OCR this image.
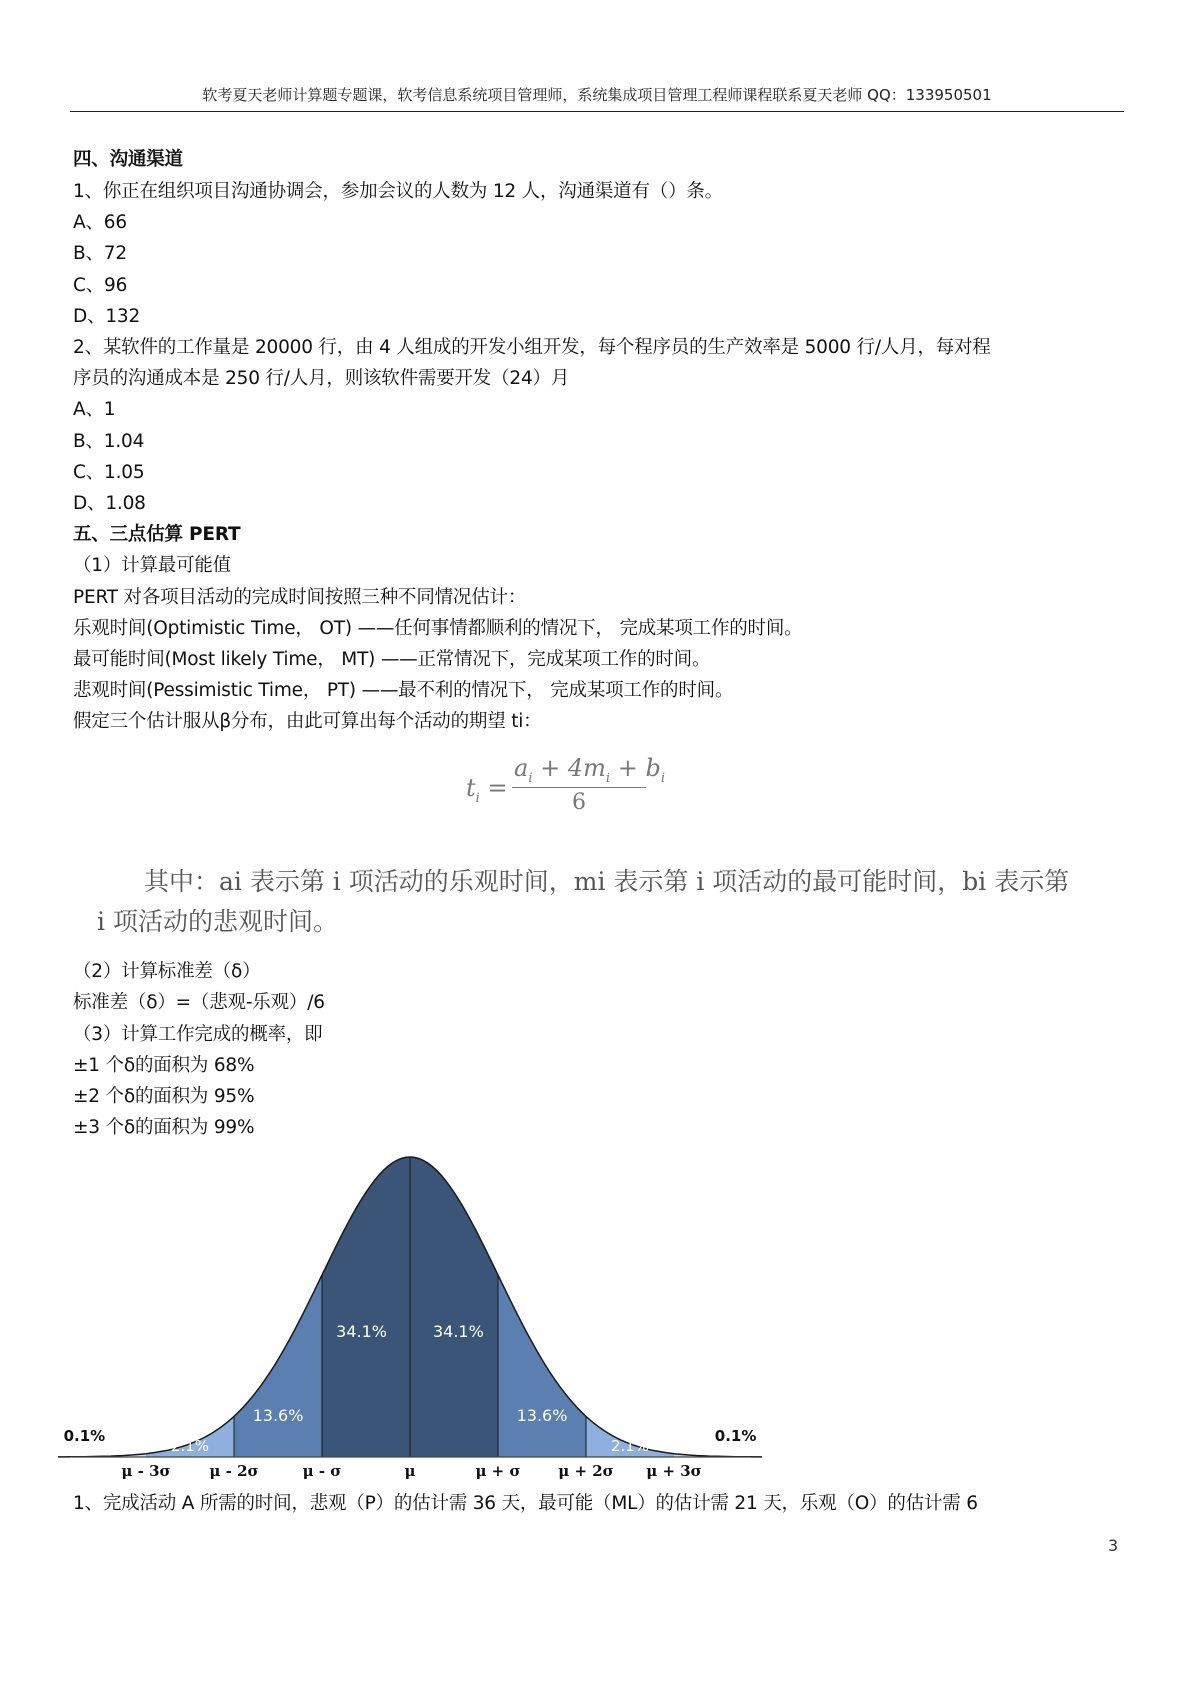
软考夏天老师计算题专题课，软考信息系统项目管理师，系统集成项目管理工程师课程联系夏天老师 QQ：133950501
四、沟通渠道
1、你正在组织项目沟通协调会，参加会议的人数为 12 人，沟通渠道有（）条。
A、66
B、72
C、96
D、132
2、某软件的工作量是 20000 行，由 4 人组成的开发小组开发，每个程序员的生产效率是 5000 行/人月，每对程
序员的沟通成本是 250 行/人月，则该软件需要开发（24）月
A、1
B、1.04
C、1.05
D、1.08
五、三点估算 PERT
（1）计算最可能值
PERT 对各项目活动的完成时间按照三种不同情况估计：
乐观时间(Optimistic Time， OT) ——任何事情都顺利的情况下， 完成某项工作的时间。
最可能时间(Most likely Time， MT) ——正常情况下，完成某项工作的时间。
悲观时间(Pessimistic Time， PT) ——最不利的情况下， 完成某项工作的时间。
假定三个估计服从β分布，由此可算出每个活动的期望 ti：
$t_i$ =
$a_i + 4m_i + b_i$
6
其中：ai 表示第 i 项活动的乐观时间，mi 表示第 i 项活动的最可能时间，bi 表示第
i 项活动的悲观时间。
（2）计算标准差（δ）
标准差（δ）=（悲观-乐观）/6
（3）计算工作完成的概率，即
±1 个δ的面积为 68%
±2 个δ的面积为 95%
±3 个δ的面积为 99%
0.1%
2.1%
13.6%
34.1%	34.1%
13.6%
2.1%
0.1%
μ - 3σ	μ - 2σ	μ - σ	μ	μ + σ	μ + 2σ μ + 3σ
1、完成活动 A 所需的时间，悲观（P）的估计需 36 天，最可能（ML）的估计需 21 天，乐观（O）的估计需 6
3
